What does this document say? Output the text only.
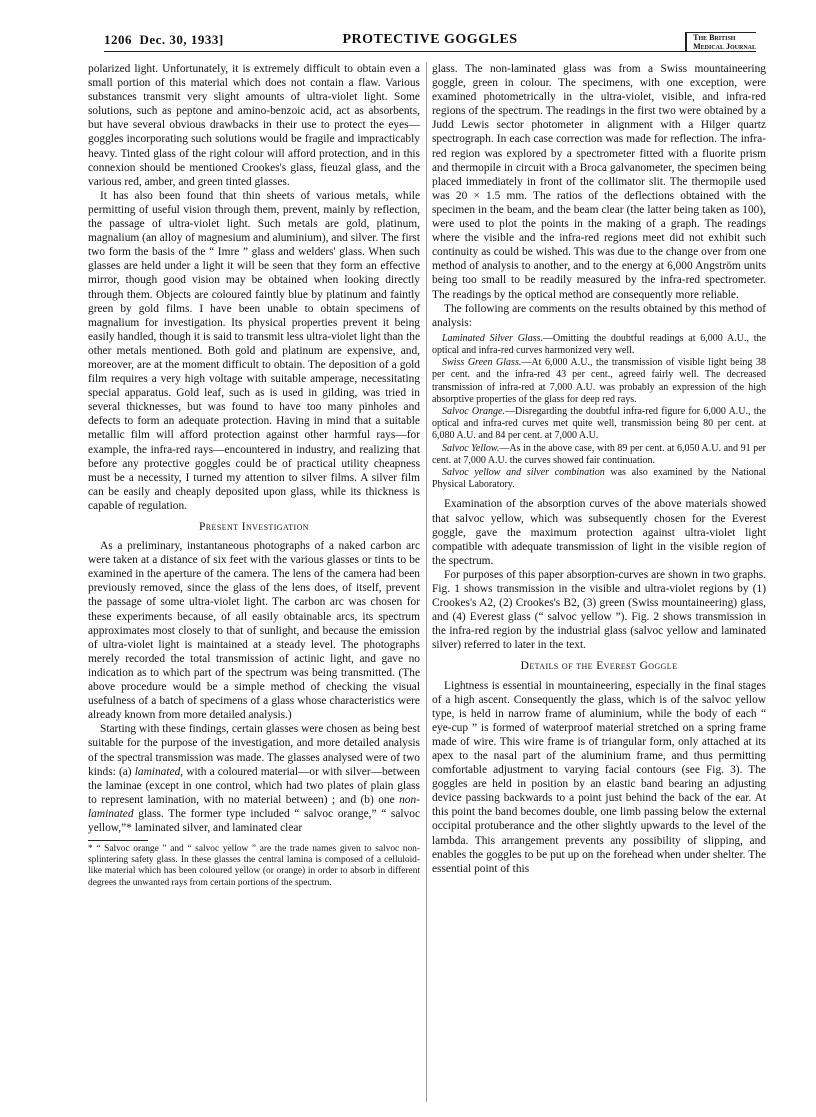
1206 Dec. 30, 1933]	PROTECTIVE GOGGLES	The British
Medical Journal

polarized light. Unfortunately, it is extremely difficult to obtain even a small portion of this material which does not contain a flaw. Various substances transmit very slight amounts of ultra-violet light. Some solutions, such as peptone and amino-benzoic acid, act as absorbents, but have several obvious drawbacks in their use to protect the eyes—goggles incorporating such solutions would be fragile and impracticably heavy. Tinted glass of the right colour will afford protection, and in this connexion should be mentioned Crookes's glass, fieuzal glass, and the various red, amber, and green tinted glasses.

It has also been found that thin sheets of various metals, while permitting of useful vision through them, prevent, mainly by reflection, the passage of ultra-violet light. Such metals are gold, platinum, magnalium (an alloy of magnesium and aluminium), and silver. The first two form the basis of the “ Imre ” glass and welders' glass. When such glasses are held under a light it will be seen that they form an effective mirror, though good vision may be obtained when looking directly through them. Objects are coloured faintly blue by platinum and faintly green by gold films. I have been unable to obtain specimens of magnalium for investigation. Its physical properties prevent it being easily handled, though it is said to transmit less ultra-violet light than the other metals mentioned. Both gold and platinum are expensive, and, moreover, are at the moment difficult to obtain. The deposition of a gold film requires a very high voltage with suitable amperage, necessitating special apparatus. Gold leaf, such as is used in gilding, was tried in several thicknesses, but was found to have too many pinholes and defects to form an adequate protection. Having in mind that a suitable metallic film will afford protection against other harmful rays—for example, the infra-red rays—encountered in industry, and realizing that before any protective goggles could be of practical utility cheapness must be a necessity, I turned my attention to silver films. A silver film can be easily and cheaply deposited upon glass, while its thickness is capable of regulation.

Present Investigation

As a preliminary, instantaneous photographs of a naked carbon arc were taken at a distance of six feet with the various glasses or tints to be examined in the aperture of the camera. The lens of the camera had been previously removed, since the glass of the lens does, of itself, prevent the passage of some ultra-violet light. The carbon arc was chosen for these experiments because, of all easily obtainable arcs, its spectrum approximates most closely to that of sunlight, and because the emission of ultra-violet light is maintained at a steady level. The photographs merely recorded the total transmission of actinic light, and gave no indication as to which part of the spectrum was being transmitted. (The above procedure would be a simple method of checking the visual usefulness of a batch of specimens of a glass whose characteristics were already known from more detailed analysis.)

Starting with these findings, certain glasses were chosen as being best suitable for the purpose of the investigation, and more detailed analysis of the spectral transmission was made. The glasses analysed were of two kinds: (a) laminated, with a coloured material—or with silver—between the laminae (except in one control, which had two plates of plain glass to represent lamination, with no material between) ; and (b) one non-laminated glass. The former type included “ salvoc orange,” “ salvoc yellow,”* laminated silver, and laminated clear

* “ Salvoc orange ” and “ salvoc yellow ” are the trade names given to salvoc non-splintering safety glass. In these glasses the central lamina is composed of a celluloid-like material which has been coloured yellow (or orange) in order to absorb in different degrees the unwanted rays from certain portions of the spectrum.

glass. The non-laminated glass was from a Swiss mountaineering goggle, green in colour. The specimens, with one exception, were examined photometrically in the ultra-violet, visible, and infra-red regions of the spectrum. The readings in the first two were obtained by a Judd Lewis sector photometer in alignment with a Hilger quartz spectrograph. In each case correction was made for reflection. The infra-red region was explored by a spectrometer fitted with a fluorite prism and thermopile in circuit with a Broca galvanometer, the specimen being placed immediately in front of the collimator slit. The thermopile used was 20 × 1.5 mm. The ratios of the deflections obtained with the specimen in the beam, and the beam clear (the latter being taken as 100), were used to plot the points in the making of a graph. The readings where the visible and the infra-red regions meet did not exhibit such continuity as could be wished. This was due to the change over from one method of analysis to another, and to the energy at 6,000 Angström units being too small to be readily measured by the infra-red spectrometer. The readings by the optical method are consequently more reliable.

The following are comments on the results obtained by this method of analysis:

Laminated Silver Glass.—Omitting the doubtful readings at 6,000 A.U., the optical and infra-red curves harmonized very well.

Swiss Green Glass.—At 6,000 A.U., the transmission of visible light being 38 per cent. and the infra-red 43 per cent., agreed fairly well. The decreased transmission of infra-red at 7,000 A.U. was probably an expression of the high absorptive properties of the glass for deep red rays.

Salvoc Orange.—Disregarding the doubtful infra-red figure for 6,000 A.U., the optical and infra-red curves met quite well, transmission being 80 per cent. at 6,080 A.U. and 84 per cent. at 7,000 A.U.

Salvoc Yellow.—As in the above case, with 89 per cent. at 6,050 A.U. and 91 per cent. at 7,000 A.U. the curves showed fair continuation.

Salvoc yellow and silver combination was also examined by the National Physical Laboratory.

Examination of the absorption curves of the above materials showed that salvoc yellow, which was subsequently chosen for the Everest goggle, gave the maximum protection against ultra-violet light compatible with adequate transmission of light in the visible region of the spectrum.

For purposes of this paper absorption-curves are shown in two graphs. Fig. 1 shows transmission in the visible and ultra-violet regions by (1) Crookes's A2, (2) Crookes's B2, (3) green (Swiss mountaineering) glass, and (4) Everest glass (“ salvoc yellow ”). Fig. 2 shows transmission in the infra-red region by the industrial glass (salvoc yellow and laminated silver) referred to later in the text.

Details of the Everest Goggle

Lightness is essential in mountaineering, especially in the final stages of a high ascent. Consequently the glass, which is of the salvoc yellow type, is held in narrow frame of aluminium, while the body of each “ eye-cup ” is formed of waterproof material stretched on a spring frame made of wire. This wire frame is of triangular form, only attached at its apex to the nasal part of the aluminium frame, and thus permitting comfortable adjustment to varying facial contours (see Fig. 3). The goggles are held in position by an elastic band bearing an adjusting device passing backwards to a point just behind the back of the ear. At this point the band becomes double, one limb passing below the external occipital protuberance and the other slightly upwards to the level of the lambda. This arrangement prevents any possibility of slipping, and enables the goggles to be put up on the forehead when under shelter. The essential point of this
